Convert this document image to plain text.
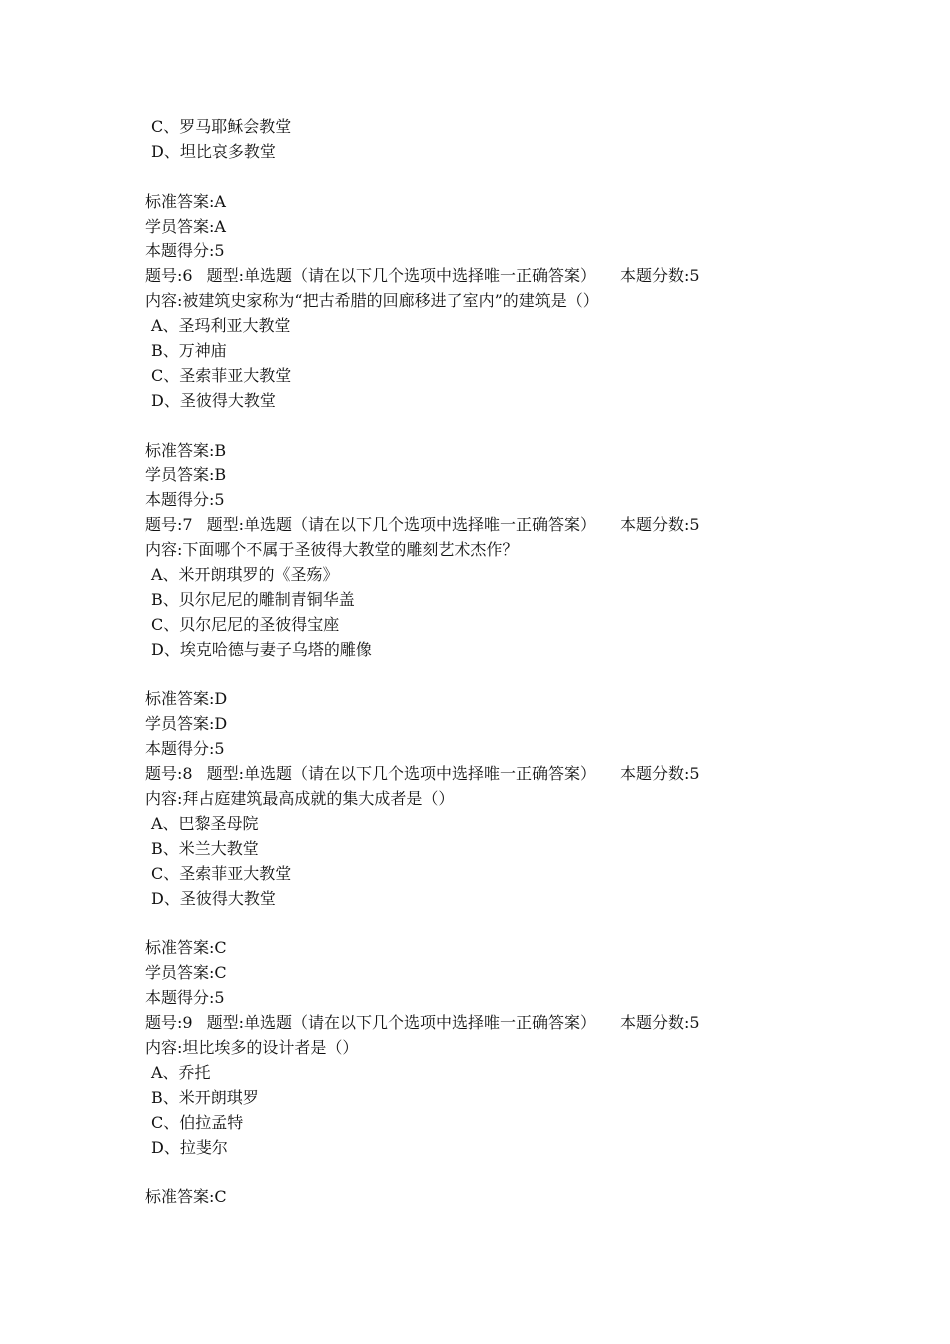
C、罗马耶稣会教堂
D、坦比哀多教堂
标准答案:A
学员答案:A
本题得分:5
题号:6 题型:单选题（请在以下几个选项中选择唯一正确答案） 本题分数:5
内容:被建筑史家称为“把古希腊的回廊移进了室内”的建筑是（）
A、圣玛利亚大教堂
B、万神庙
C、圣索菲亚大教堂
D、圣彼得大教堂
标准答案:B
学员答案:B
本题得分:5
题号:7 题型:单选题（请在以下几个选项中选择唯一正确答案） 本题分数:5
内容:下面哪个不属于圣彼得大教堂的雕刻艺术杰作？
A、米开朗琪罗的《圣殇》
B、贝尔尼尼的雕制青铜华盖
C、贝尔尼尼的圣彼得宝座
D、埃克哈德与妻子乌塔的雕像
标准答案:D
学员答案:D
本题得分:5
题号:8 题型:单选题（请在以下几个选项中选择唯一正确答案） 本题分数:5
内容:拜占庭建筑最高成就的集大成者是（）
A、巴黎圣母院
B、米兰大教堂
C、圣索菲亚大教堂
D、圣彼得大教堂
标准答案:C
学员答案:C
本题得分:5
题号:9 题型:单选题（请在以下几个选项中选择唯一正确答案） 本题分数:5
内容:坦比埃多的设计者是（）
A、乔托
B、米开朗琪罗
C、伯拉孟特
D、拉斐尔
标准答案:C
